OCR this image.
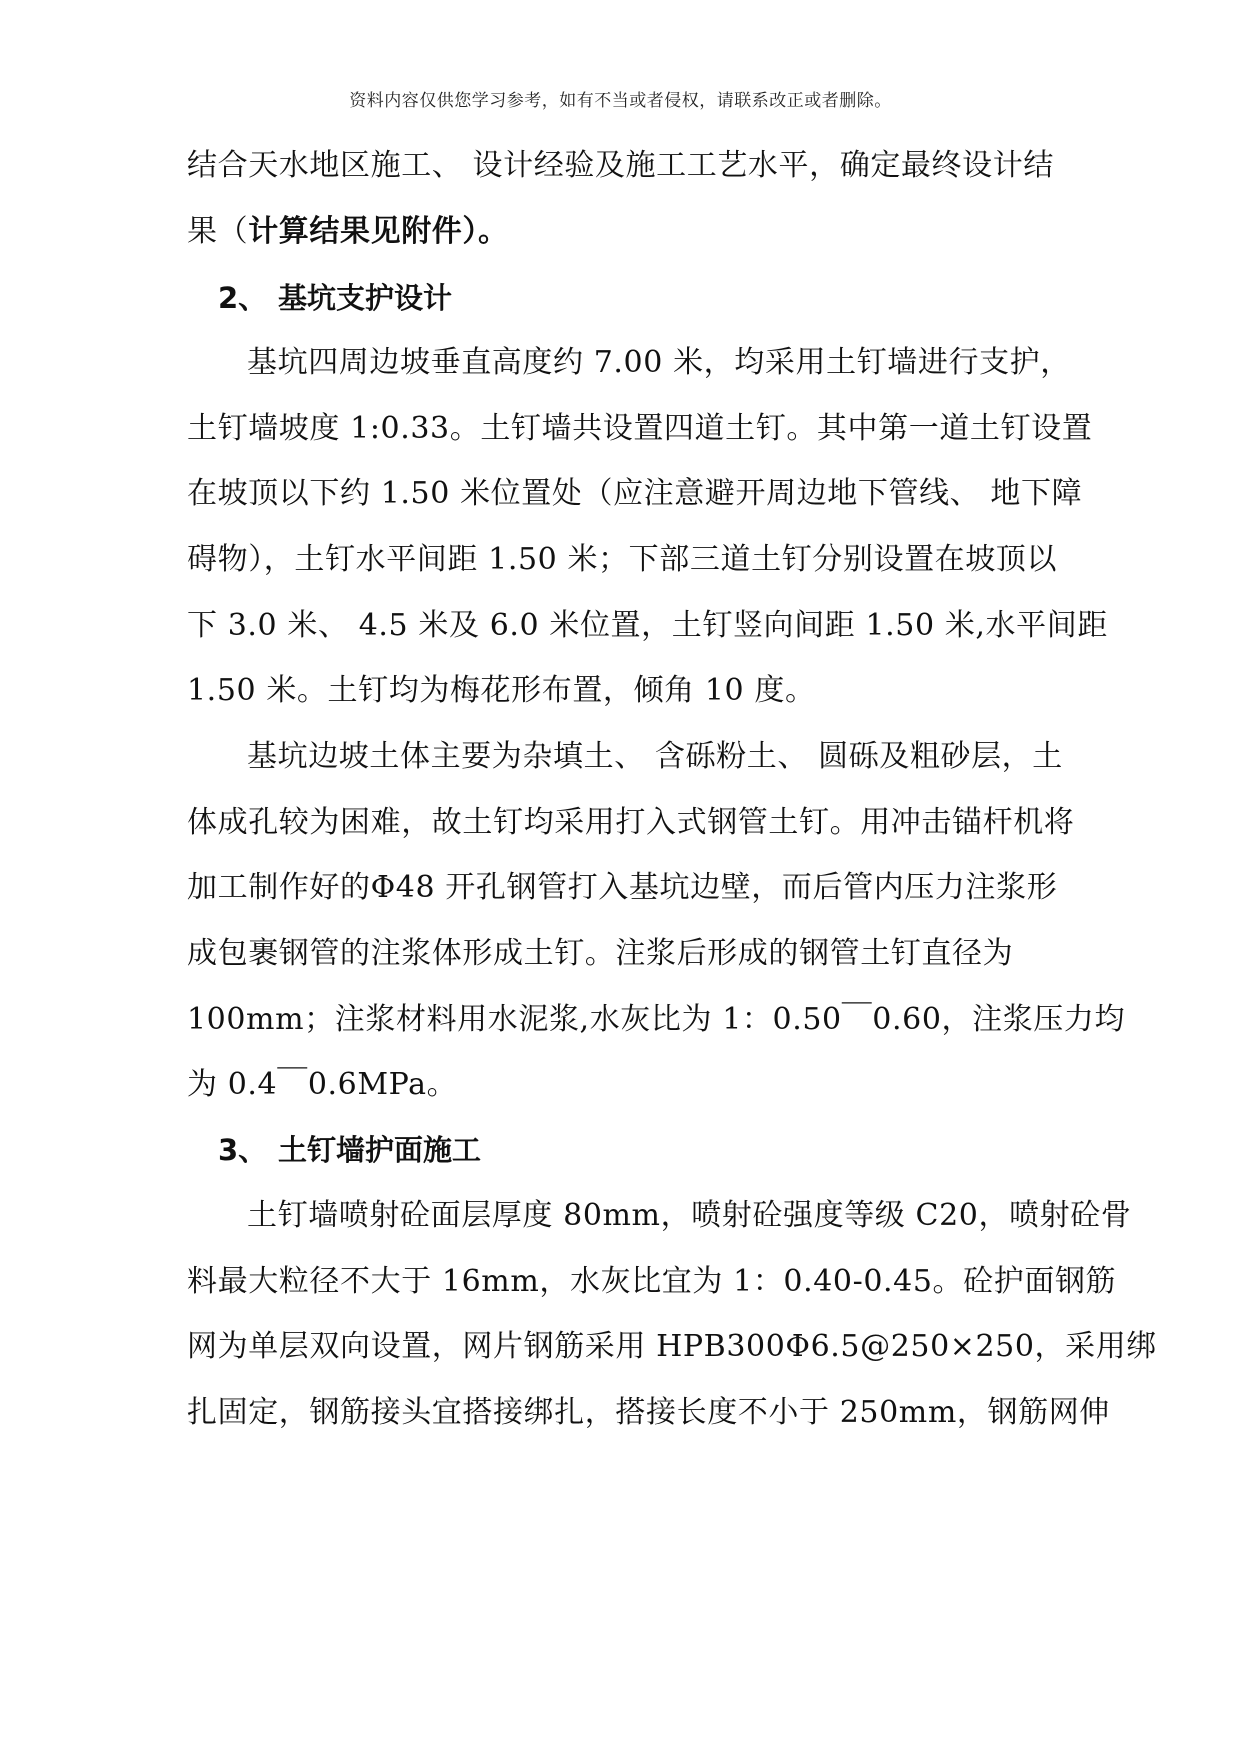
资料内容仅供您学习参考，如有不当或者侵权，请联系改正或者删除。
结合天水地区施工、 设计经验及施工工艺水平，确定最终设计结
果（计算结果见附件）。
2、 基坑支护设计
基坑四周边坡垂直高度约 7.00 米，均采用土钉墙进行支护，
土钉墙坡度 1:0.33。土钉墙共设置四道土钉。其中第一道土钉设置
在坡顶以下约 1.50 米位置处（应注意避开周边地下管线、 地下障
碍物），土钉水平间距 1.50 米；下部三道土钉分别设置在坡顶以
下 3.0 米、 4.5 米及 6.0 米位置，土钉竖向间距 1.50 米,水平间距
1.50 米。土钉均为梅花形布置，倾角 10 度。
基坑边坡土体主要为杂填土、 含砾粉土、 圆砾及粗砂层，土
体成孔较为困难，故土钉均采用打入式钢管土钉。用冲击锚杆机将
加工制作好的Φ48 开孔钢管打入基坑边壁，而后管内压力注浆形
成包裹钢管的注浆体形成土钉。注浆后形成的钢管土钉直径为
100mm；注浆材料用水泥浆,水灰比为 1：0.50￣0.60，注浆压力均
为 0.4￣0.6MPa。
3、 土钉墙护面施工
土钉墙喷射砼面层厚度 80mm，喷射砼强度等级 C20，喷射砼骨
料最大粒径不大于 16mm，水灰比宜为 1：0.40-0.45。砼护面钢筋
网为单层双向设置，网片钢筋采用 HPB300Φ6.5@250×250，采用绑
扎固定，钢筋接头宜搭接绑扎，搭接长度不小于 250mm，钢筋网伸
